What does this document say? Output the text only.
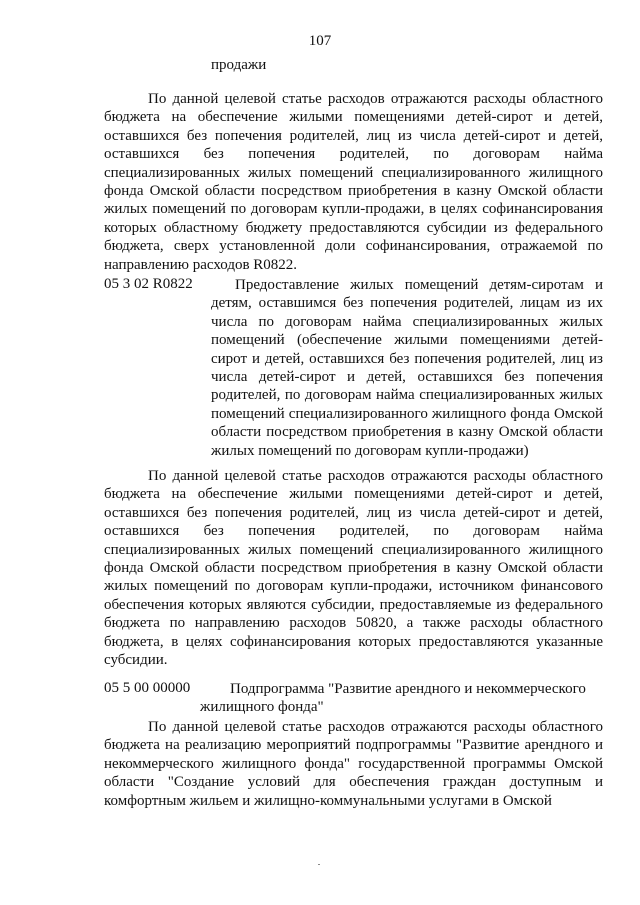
107
продажи

По данной целевой статье расходов отражаются расходы областного бюджета на обеспечение жилыми помещениями детей-сирот и детей, оставшихся без попечения родителей, лиц из числа детей-сирот и детей, оставшихся без попечения родителей, по договорам найма специализированных жилых помещений специализированного жилищного фонда Омской области посредством приобретения в казну Омской области жилых помещений по договорам купли-продажи, в целях софинансирования которых областному бюджету предоставляются субсидии из федерального бюджета, сверх установленной доли софинансирования, отражаемой по направлению расходов R0822.

05 3 02 R0822	Предоставление жилых помещений детям-сиротам и детям, оставшимся без попечения родителей, лицам из их числа по договорам найма специализированных жилых помещений (обеспечение жилыми помещениями детей-сирот и детей, оставшихся без попечения родителей, лиц из числа детей-сирот и детей, оставшихся без попечения родителей, по договорам найма специализированных жилых помещений специализированного жилищного фонда Омской области посредством приобретения в казну Омской области жилых помещений по договорам купли-продажи)

По данной целевой статье расходов отражаются расходы областного бюджета на обеспечение жилыми помещениями детей-сирот и детей, оставшихся без попечения родителей, лиц из числа детей-сирот и детей, оставшихся без попечения родителей, по договорам найма специализированных жилых помещений специализированного жилищного фонда Омской области посредством приобретения в казну Омской области жилых помещений по договорам купли-продажи, источником финансового обеспечения которых являются субсидии, предоставляемые из федерального бюджета по направлению расходов 50820, а также расходы областного бюджета, в целях софинансирования которых предоставляются указанные субсидии.

05 5 00 00000	Подпрограмма "Развитие арендного и некоммерческого жилищного фонда"

По данной целевой статье расходов отражаются расходы областного бюджета на реализацию мероприятий подпрограммы "Развитие арендного и некоммерческого жилищного фонда" государственной программы Омской области "Создание условий для обеспечения граждан доступным и комфортным жильем и жилищно-коммунальными услугами в Омской
